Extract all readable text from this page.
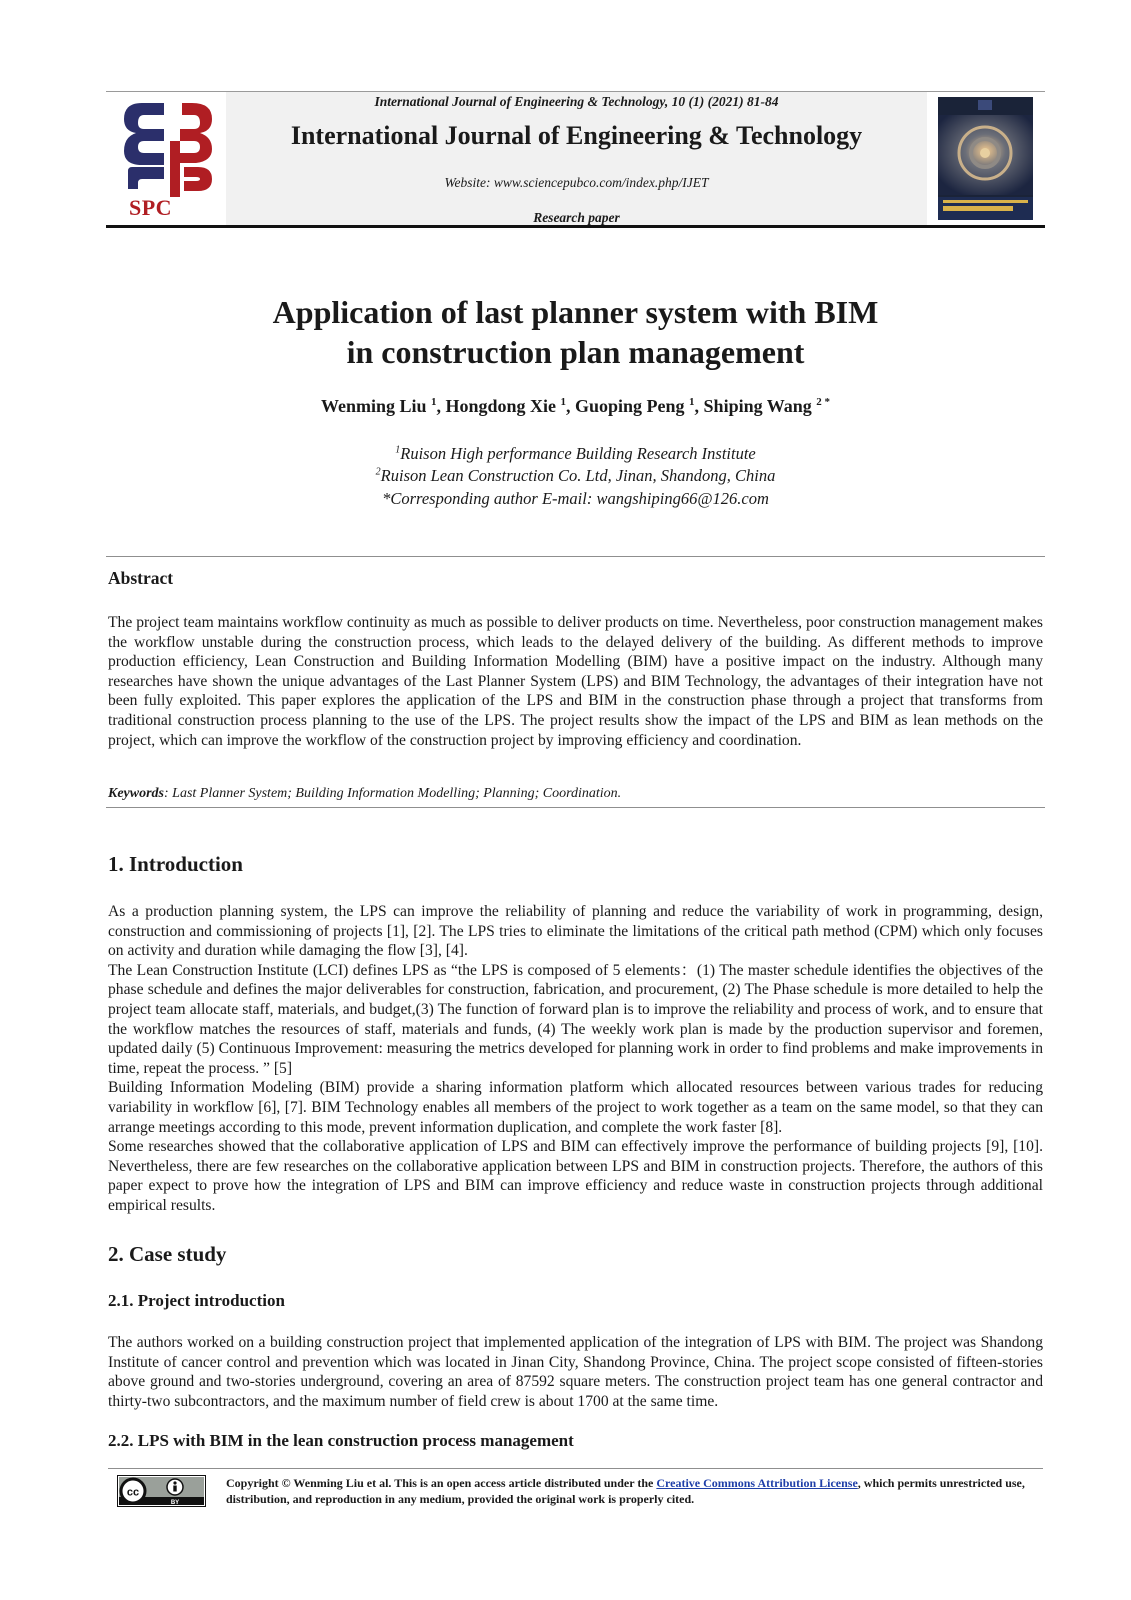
SPC
International Journal of Engineering & Technology, 10 (1) (2021) 81-84
International Journal of Engineering & Technology
Website: www.sciencepubco.com/index.php/IJET
Research paper
Application of last planner system with BIM
in construction plan management
Wenming Liu $^1$, Hongdong Xie $^1$, Guoping Peng $^1$, Shiping Wang $^{2 *}$
$^1$Ruison High performance Building Research Institute
$^2$Ruison Lean Construction Co. Ltd, Jinan, Shandong, China
*Corresponding author E-mail: wangshiping66@126.com
Abstract
The project team maintains workflow continuity as much as possible to deliver products on time. Nevertheless, poor construction management makes the workflow unstable during the construction process, which leads to the delayed delivery of the building. As different methods to improve production efficiency, Lean Construction and Building Information Modelling (BIM) have a positive impact on the industry. Although many researches have shown the unique advantages of the Last Planner System (LPS) and BIM Technology, the advantages of their integration have not been fully exploited. This paper explores the application of the LPS and BIM in the construction phase through a project that transforms from traditional construction process planning to the use of the LPS. The project results show the impact of the LPS and BIM as lean methods on the project, which can improve the workflow of the construction project by improving efficiency and coordination.
Keywords: Last Planner System; Building Information Modelling; Planning; Coordination.
1. Introduction
As a production planning system, the LPS can improve the reliability of planning and reduce the variability of work in programming, design, construction and commissioning of projects [1], [2]. The LPS tries to eliminate the limitations of the critical path method (CPM) which only focuses on activity and duration while damaging the flow [3], [4].
The Lean Construction Institute (LCI) defines LPS as “the LPS is composed of 5 elements：(1) The master schedule identifies the objectives of the phase schedule and defines the major deliverables for construction, fabrication, and procurement, (2) The Phase schedule is more detailed to help the project team allocate staff, materials, and budget,(3) The function of forward plan is to improve the reliability and process of work, and to ensure that the workflow matches the resources of staff, materials and funds, (4) The weekly work plan is made by the production supervisor and foremen, updated daily (5) Continuous Improvement: measuring the metrics developed for planning work in order to find problems and make improvements in time, repeat the process. ” [5]
Building Information Modeling (BIM) provide a sharing information platform which allocated resources between various trades for reducing variability in workflow [6], [7]. BIM Technology enables all members of the project to work together as a team on the same model, so that they can arrange meetings according to this mode, prevent information duplication, and complete the work faster [8].
Some researches showed that the collaborative application of LPS and BIM can effectively improve the performance of building projects [9], [10]. Nevertheless, there are few researches on the collaborative application between LPS and BIM in construction projects. Therefore, the authors of this paper expect to prove how the integration of LPS and BIM can improve efficiency and reduce waste in construction projects through additional empirical results.
2. Case study
2.1. Project introduction
The authors worked on a building construction project that implemented application of the integration of LPS with BIM. The project was Shandong Institute of cancer control and prevention which was located in Jinan City, Shandong Province, China. The project scope consisted of fifteen-stories above ground and two-stories underground, covering an area of 87592 square meters. The construction project team has one general contractor and thirty-two subcontractors, and the maximum number of field crew is about 1700 at the same time.
2.2. LPS with BIM in the lean construction process management
cc
BY
Copyright © Wenming Liu et al. This is an open access article distributed under the Creative Commons Attribution License, which permits unrestricted use, distribution, and reproduction in any medium, provided the original work is properly cited.
